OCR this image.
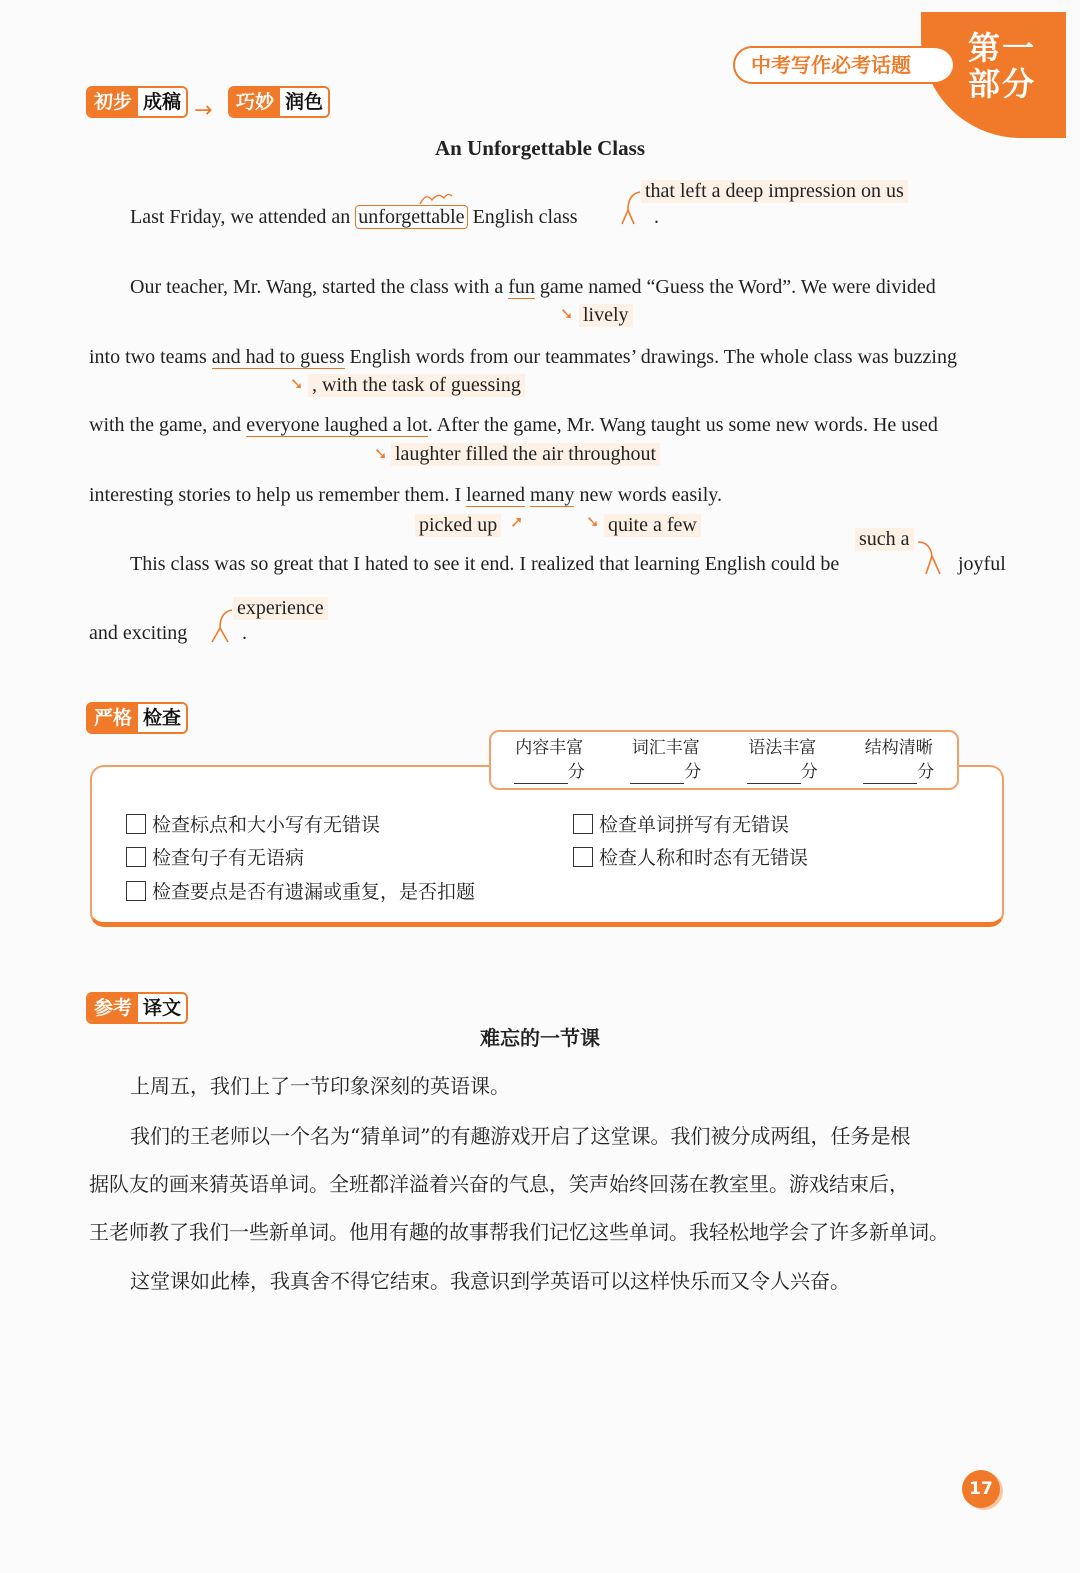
第一部分
中考写作必考话题
初步 成稿 →	巧妙 润色
An Unforgettable Class
Last Friday, we attended an unforgettable English class
that left a deep impression on us
.
Our teacher, Mr. Wang, started the class with a fun game named “Guess the Word”. We were divided
➘ lively
into two teams and had to guess English words from our teammates’ drawings. The whole class was buzzing
➘ , with the task of guessing
with the game, and everyone laughed a lot. After the game, Mr. Wang taught us some new words. He used
➘ laughter filled the air throughout
interesting stories to help us remember them. I learned many new words easily.
picked up ➚	➘ quite a few
such a
This class was so great that I hated to see it end. I realized that learning English could be	joyful
and exciting
experience
.
严格 检查
内容丰富
分
词汇丰富
分
语法丰富
分
结构清晰
分
检查标点和大小写有无错误
检查句子有无语病
检查要点是否有遗漏或重复，是否扣题
检查单词拼写有无错误
检查人称和时态有无错误
参考 译文
难忘的一节课
上周五，我们上了一节印象深刻的英语课。
我们的王老师以一个名为“猜单词”的有趣游戏开启了这堂课。我们被分成两组，任务是根
据队友的画来猜英语单词。全班都洋溢着兴奋的气息，笑声始终回荡在教室里。游戏结束后，
王老师教了我们一些新单词。他用有趣的故事帮我们记忆这些单词。我轻松地学会了许多新单词。
这堂课如此棒，我真舍不得它结束。我意识到学英语可以这样快乐而又令人兴奋。
17
